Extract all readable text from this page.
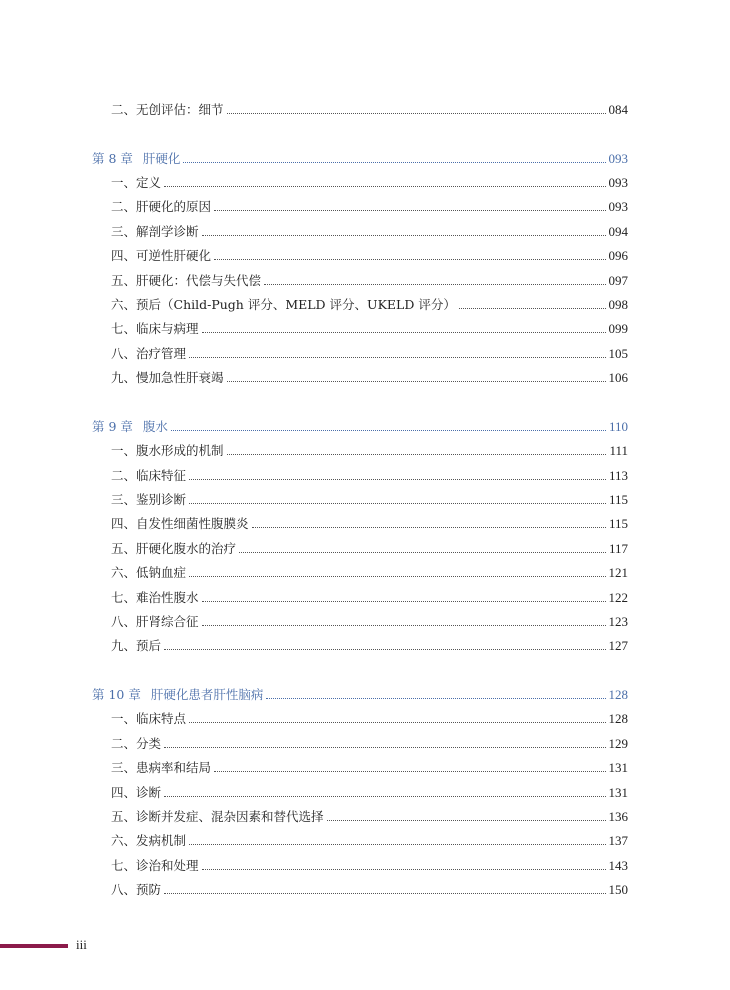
二、无创评估：细节	084
第 8 章 肝硬化	093
一、定义	093
二、肝硬化的原因	093
三、解剖学诊断	094
四、可逆性肝硬化	096
五、肝硬化：代偿与失代偿	097
六、预后（Child-Pugh 评分、MELD 评分、UKELD 评分）	098
七、临床与病理	099
八、治疗管理	105
九、慢加急性肝衰竭	106
第 9 章 腹水	110
一、腹水形成的机制	111
二、临床特征	113
三、鉴别诊断	115
四、自发性细菌性腹膜炎	115
五、肝硬化腹水的治疗	117
六、低钠血症	121
七、难治性腹水	122
八、肝肾综合征	123
九、预后	127
第 10 章 肝硬化患者肝性脑病	128
一、临床特点	128
二、分类	129
三、患病率和结局	131
四、诊断	131
五、诊断并发症、混杂因素和替代选择	136
六、发病机制	137
七、诊治和处理	143
八、预防	150
iii
